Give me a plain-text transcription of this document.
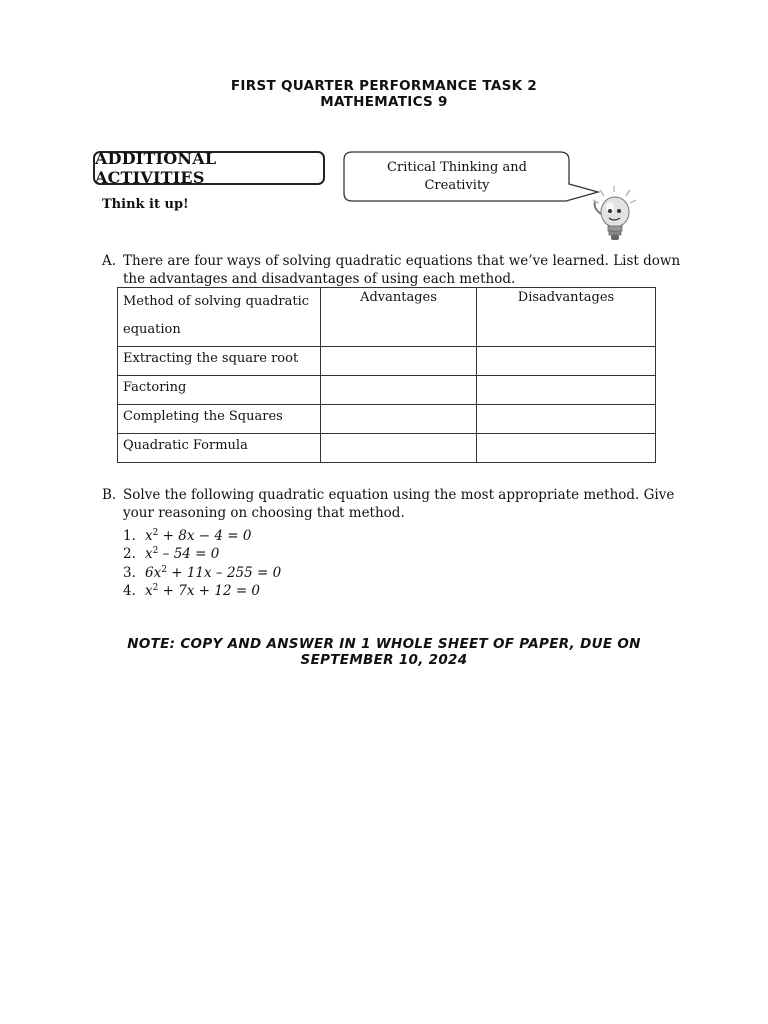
FIRST QUARTER PERFORMANCE TASK 2
MATHEMATICS 9
ADDITIONAL ACTIVITIES
Critical Thinking and
Creativity
Think it up!
A. There are four ways of solving quadratic equations that we’ve learned. List down the advantages and disadvantages of using each method.
Method of solving quadratic equation	Advantages	Disadvantages
Extracting the square root		
Factoring		
Completing the Squares		
Quadratic Formula		
B. Solve the following quadratic equation using the most appropriate method. Give your reasoning on choosing that method.
1. $x^2 + 8x - 4 = 0$
2. $x^2 - 54 = 0$
3. $6x^2 + 11x - 255 = 0$
4. $x^2 + 7x + 12 = 0$
NOTE: COPY AND ANSWER IN 1 WHOLE SHEET OF PAPER, DUE ON
SEPTEMBER 10, 2024
